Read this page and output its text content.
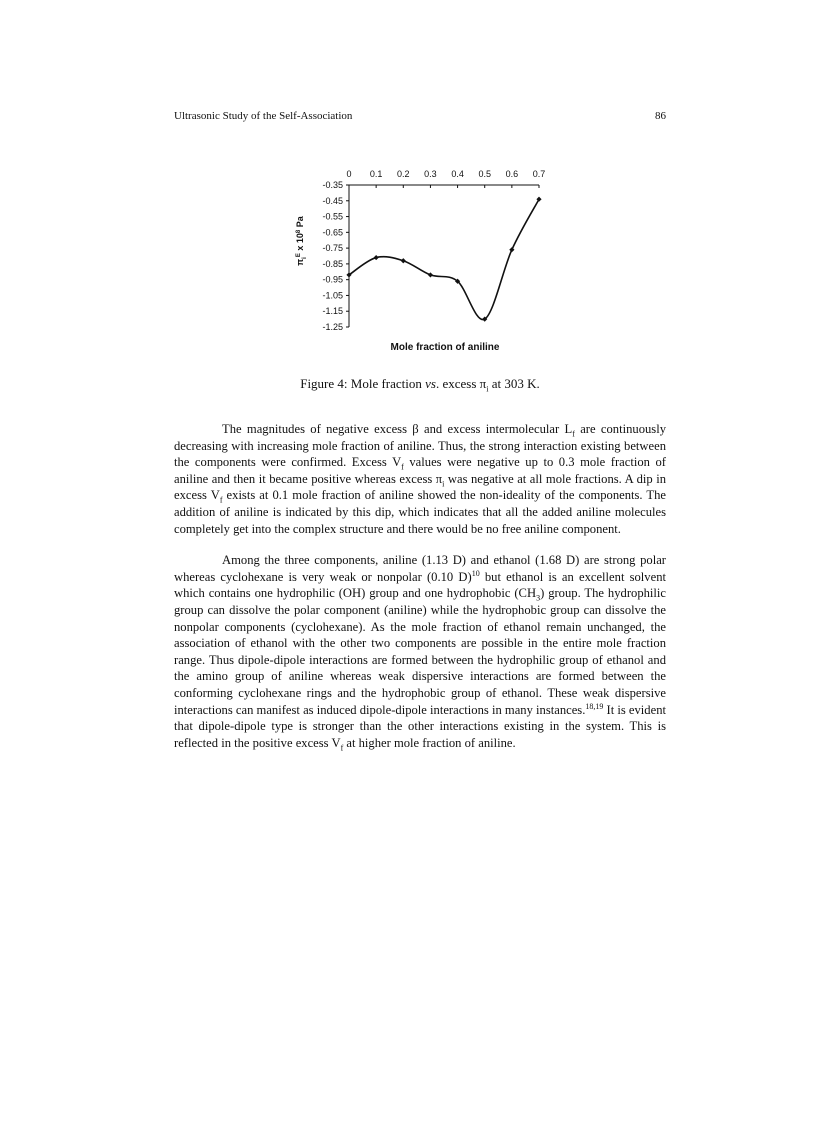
Ultrasonic Study of the Self-Association	86
0 0.1 0.2 0.3 0.4 0.5 0.6 0.7
-0.35
-0.45
-0.55
-0.65
-0.75
-0.85
-0.95
-1.05
-1.15
-1.25
$\pi_i^E$ x $10^8$ Pa
Mole fraction of aniline
Figure 4: Mole fraction vs. excess $\pi_i$ at 303 K.

The magnitudes of negative excess β and excess intermolecular $L_f$ are continuously decreasing with increasing mole fraction of aniline. Thus, the strong interaction existing between the components were confirmed. Excess $V_f$ values were negative up to 0.3 mole fraction of aniline and then it became positive whereas excess $\pi_i$ was negative at all mole fractions. A dip in excess $V_f$ exists at 0.1 mole fraction of aniline showed the non-ideality of the components. The addition of aniline is indicated by this dip, which indicates that all the added aniline molecules completely get into the complex structure and there would be no free aniline component.

Among the three components, aniline (1.13 D) and ethanol (1.68 D) are strong polar whereas cyclohexane is very weak or nonpolar (0.10 D)$^{10}$ but ethanol is an excellent solvent which contains one hydrophilic (OH) group and one hydrophobic $(CH_3)$ group. The hydrophilic group can dissolve the polar component (aniline) while the hydrophobic group can dissolve the nonpolar components (cyclohexane). As the mole fraction of ethanol remain unchanged, the association of ethanol with the other two components are possible in the entire mole fraction range. Thus dipole-dipole interactions are formed between the hydrophilic group of ethanol and the amino group of aniline whereas weak dispersive interactions are formed between the conforming cyclohexane rings and the hydrophobic group of ethanol. These weak dispersive interactions can manifest as induced dipole-dipole interactions in many instances.$^{18,19}$ It is evident that dipole-dipole type is stronger than the other interactions existing in the system. This is reflected in the positive excess $V_f$ at higher mole fraction of aniline.
